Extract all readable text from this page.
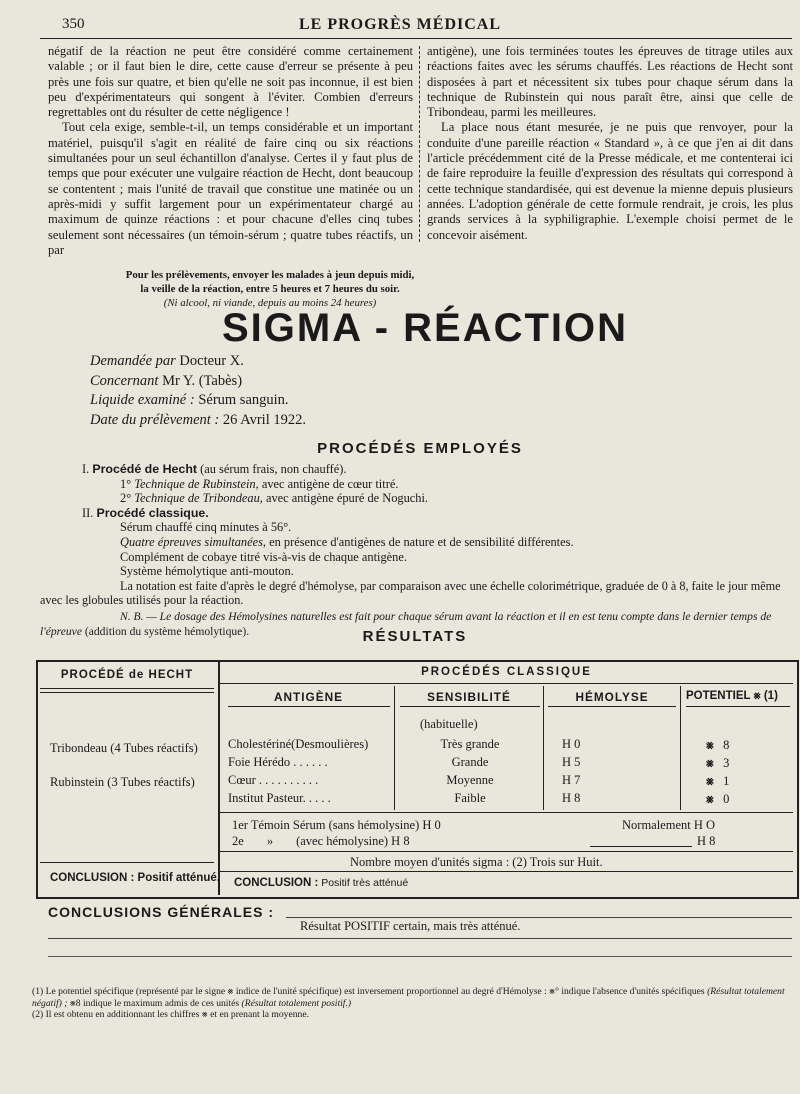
350	LE PROGRÈS MÉDICAL

négatif de la réaction ne peut être considéré comme certainement valable ; or il faut bien le dire, cette cause d'erreur se présente à peu près une fois sur quatre, et bien qu'elle ne soit pas inconnue, il est bien peu d'expérimentateurs qui songent à l'éviter. Combien d'erreurs regrettables ont du résulter de cette négligence !

Tout cela exige, semble-t-il, un temps considérable et un important matériel, puisqu'il s'agit en réalité de faire cinq ou six réactions simultanées pour un seul échantillon d'analyse. Certes il y faut plus de temps que pour exécuter une vulgaire réaction de Hecht, dont beaucoup se contentent ; mais l'unité de travail que constitue une matinée ou un après-midi y suffit largement pour un expérimentateur chargé au maximum de quinze réactions : et pour chacune d'elles cinq tubes seulement sont nécessaires (un témoin-sérum ; quatre tubes réactifs, un par

antigène), une fois terminées toutes les épreuves de titrage utiles aux réactions faites avec les sérums chauffés. Les réactions de Hecht sont disposées à part et nécessitent six tubes pour chaque sérum dans la technique de Rubinstein qui nous paraît être, ainsi que celle de Tribondeau, parmi les meilleures.

La place nous étant mesurée, je ne puis que renvoyer, pour la conduite d'une pareille réaction « Standard », à ce que j'en ai dit dans l'article précédemment cité de la Presse médicale, et me contenterai ici de faire reproduire la feuille d'expression des résultats qui correspond à cette technique standardisée, qui est devenue la mienne depuis plusieurs années. L'adoption générale de cette formule rendrait, je crois, les plus grands services à la syphiligraphie. L'exemple choisi permet de le concevoir aisément.

Pour les prélèvements, envoyer les malades à jeun depuis midi,
la veille de la réaction, entre 5 heures et 7 heures du soir.
(Ni alcool, ni viande, depuis au moins 24 heures)
SIGMA - RÉACTION
Demandée par Docteur X.
Concernant Mr Y. (Tabès)
Liquide examiné : Sérum sanguin.
Date du prélèvement : 26 Avril 1922.
PROCÉDÉS EMPLOYÉS
I. Procédé de Hecht (au sérum frais, non chauffé).
1° Technique de Rubinstein, avec antigène de cœur titré.
2° Technique de Tribondeau, avec antigène épuré de Noguchi.
II. Procédé classique.
Sérum chauffé cinq minutes à 56°.
Quatre épreuves simultanées, en présence d'antigènes de nature et de sensibilité différentes.
Complément de cobaye titré vis-à-vis de chaque antigène.
Système hémolytique anti-mouton.
La notation est faite d'après le degré d'hémolyse, par comparaison avec une échelle colorimétrique, graduée de 0 à 8, faite le jour même avec les globules utilisés pour la réaction.
N. B. — Le dosage des Hémolysines naturelles est fait pour chaque sérum avant la réaction et il en est tenu compte dans le dernier temps de l'épreuve (addition du système hémolytique).	RÉSULTATS
PROCÉDÉ de HECHT
Tribondeau (4 Tubes réactifs)
Rubinstein (3 Tubes réactifs)
CONCLUSION : Positif atténué.
PROCÉDÉS CLASSIQUE
ANTIGÈNE	SENSIBILITÉ	HÉMOLYSE	POTENTIEL ⨳ (1)
(habituelle)
Cholestériné(Desmoulières)	Très grande	H 0	⨳ 8
Foie Hérédo . . . . . .	Grande	H 5	⨳ 3
Cœur . . . . . . . . . .	Moyenne	H 7	⨳ 1
Institut Pasteur. . . . .	Faible	H 8	⨳ 0
1er Témoin Sérum (sans hémolysine) H 0
2e » (avec hémolysine) H 8
Normalement H O
H 8
Nombre moyen d'unités sigma : (2) Trois sur Huit.
CONCLUSION : Positif très atténué
CONCLUSIONS GÉNÉRALES :
Résultat POSITIF certain, mais très atténué.
(1) Le potentiel spécifique (représenté par le signe ⨳ indice de l'unité spécifique) est inversement proportionnel au degré d'Hémolyse : ⨳° indique l'absence d'unités spécifiques (Résultat totalement négatif) ; ⨳8 indique le maximum admis de ces unités (Résultat totalement positif.)
(2) Il est obtenu en additionnant les chiffres ⨳ et en prenant la moyenne.
